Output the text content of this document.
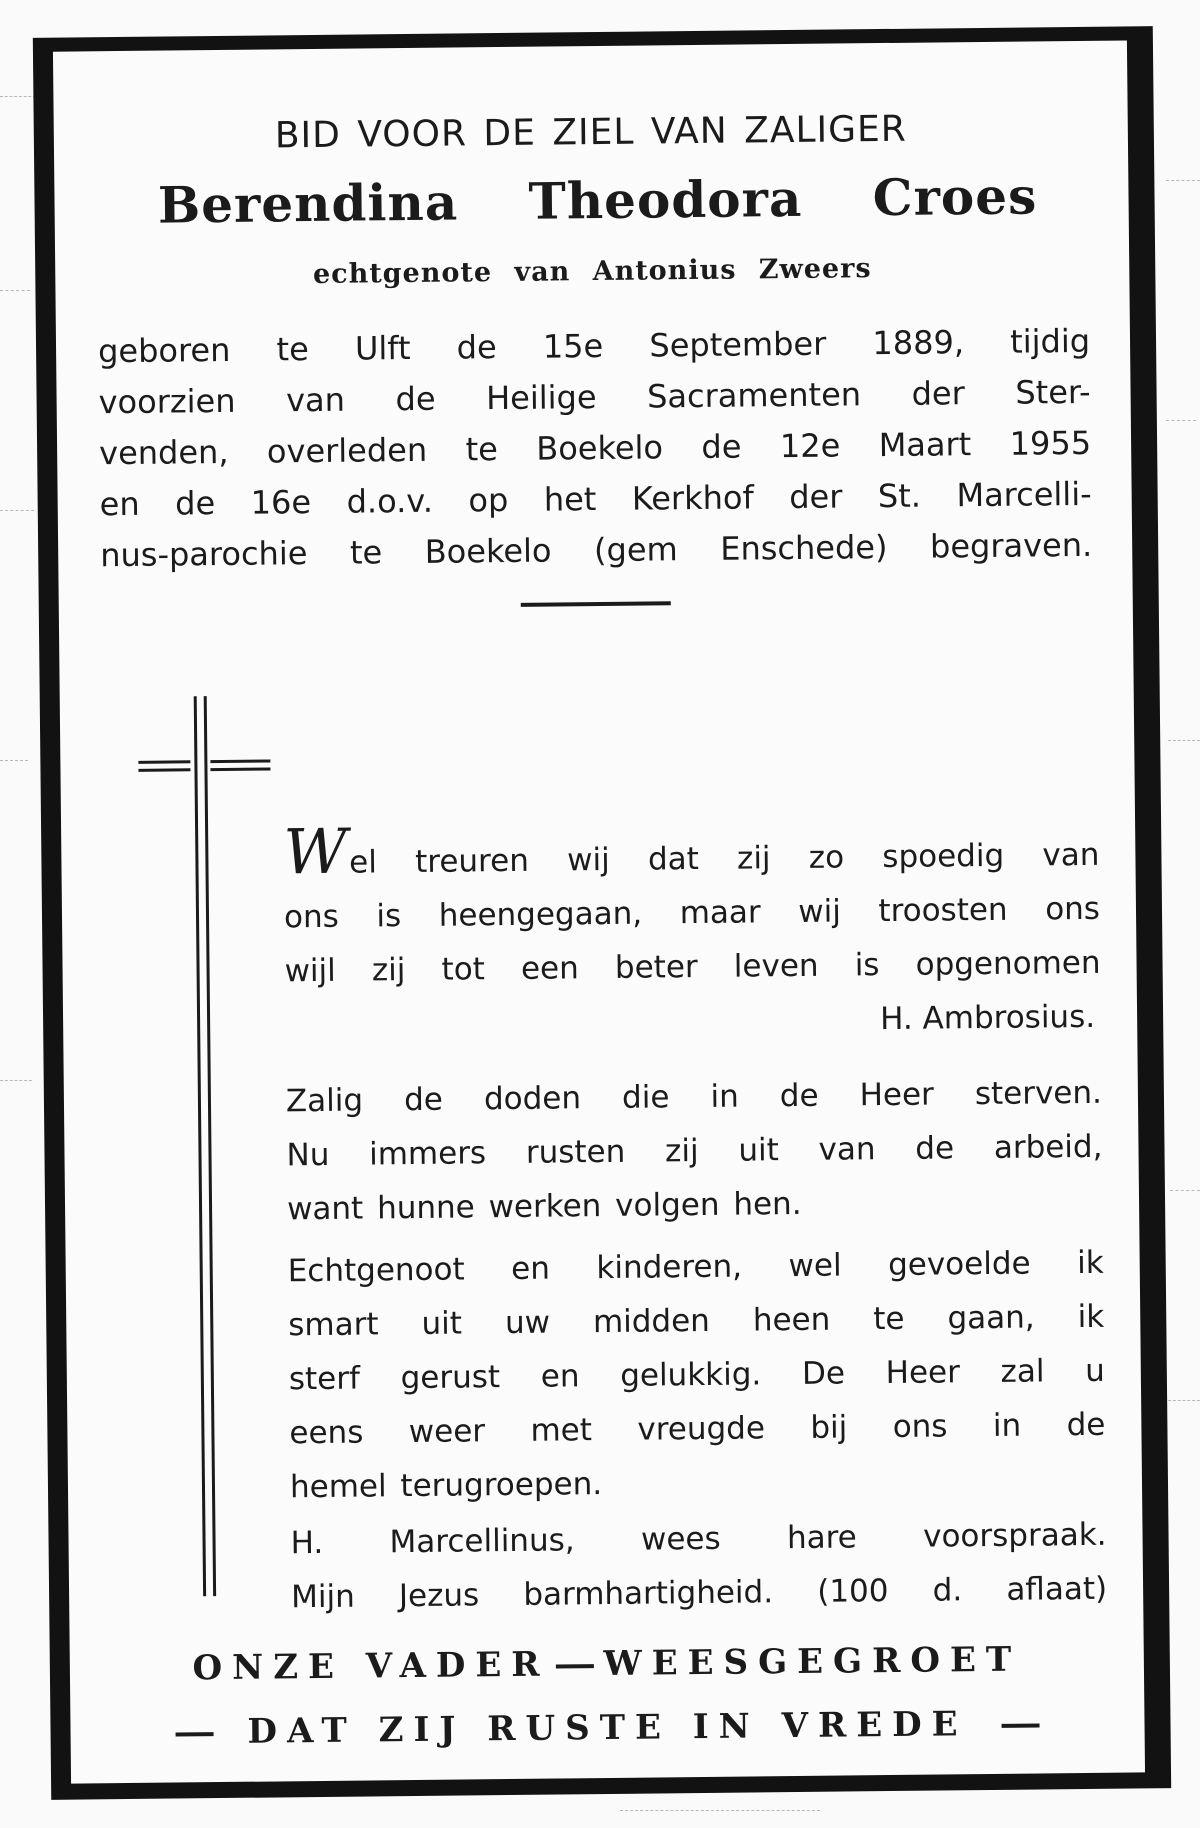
BID VOOR DE ZIEL VAN ZALIGER
Berendina Theodora Croes
echtgenote van Antonius Zweers
geboren te Ulft de 15e September 1889, tijdig
voorzien van de Heilige Sacramenten der Ster-
venden, overleden te Boekelo de 12e Maart 1955
en de 16e d.o.v. op het Kerkhof der St. Marcelli-
nus-parochie te Boekelo (gem Enschede) begraven.
Wel treuren wij dat zij zo spoedig van
ons is heengegaan, maar wij troosten ons
wijl zij tot een beter leven is opgenomen
H. Ambrosius.
Zalig de doden die in de Heer sterven.
Nu immers rusten zij uit van de arbeid,
want hunne werken volgen hen.
Echtgenoot en kinderen, wel gevoelde ik
smart uit uw midden heen te gaan, ik
sterf gerust en gelukkig. De Heer zal u
eens weer met vreugde bij ons in de
hemel terugroepen.
H. Marcellinus, wees hare voorspraak.
Mijn Jezus barmhartigheid. (100 d. aflaat)
ONZE VADER WEESGEGROET
DAT ZIJ RUSTE IN VREDE
